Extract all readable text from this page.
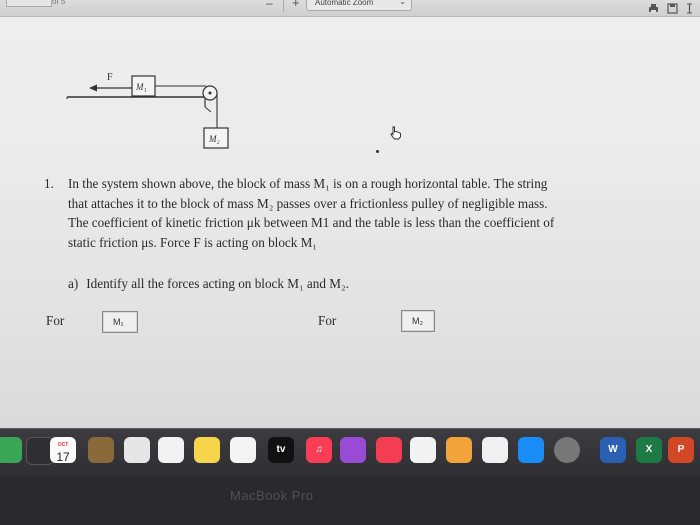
of 5	– + Automatic Zoom	⌄
F
M₁
M₂
1. In the system shown above, the block of mass M₁ is on a rough horizontal table. The string
that attaches it to the block of mass M₂ passes over a frictionless pulley of negligible mass.
The coefficient of kinetic friction μk between M1 and the table is less than the coefficient of
static friction μs. Force F is acting on block M₁
a) Identify all the forces acting on block M₁ and M₂.
For	M₁	For	M₂
OCT
17
tv	♫	W	X	P
MacBook Pro
